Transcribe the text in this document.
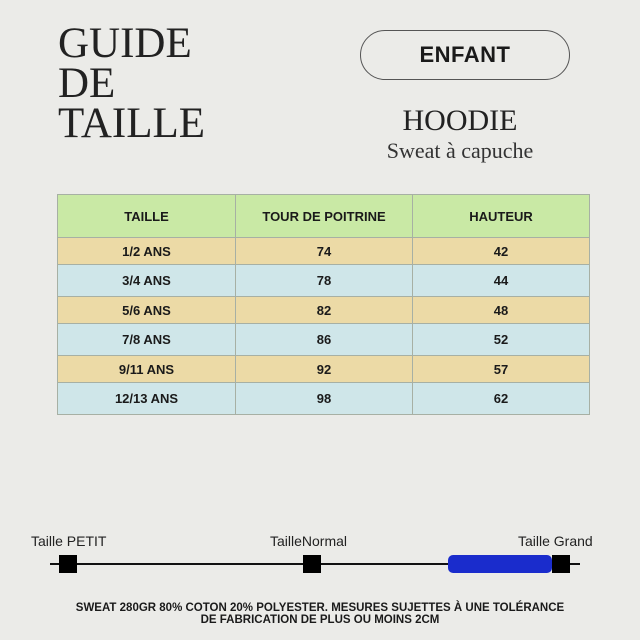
GUIDE
DE
TAILLE
ENFANT
HOODIE
Sweat à capuche
TAILLE	TOUR DE POITRINE	HAUTEUR
1/2 ANS	74	42
3/4 ANS	78	44
5/6 ANS	82	48
7/8 ANS	86	52
9/11 ANS	92	57
12/13 ANS	98	62
Taille PETIT	TailleNormal	Taille Grand
SWEAT 280GR 80% COTON 20% POLYESTER. MESURES SUJETTES À UNE TOLÉRANCE
DE FABRICATION DE PLUS OU MOINS 2CM
